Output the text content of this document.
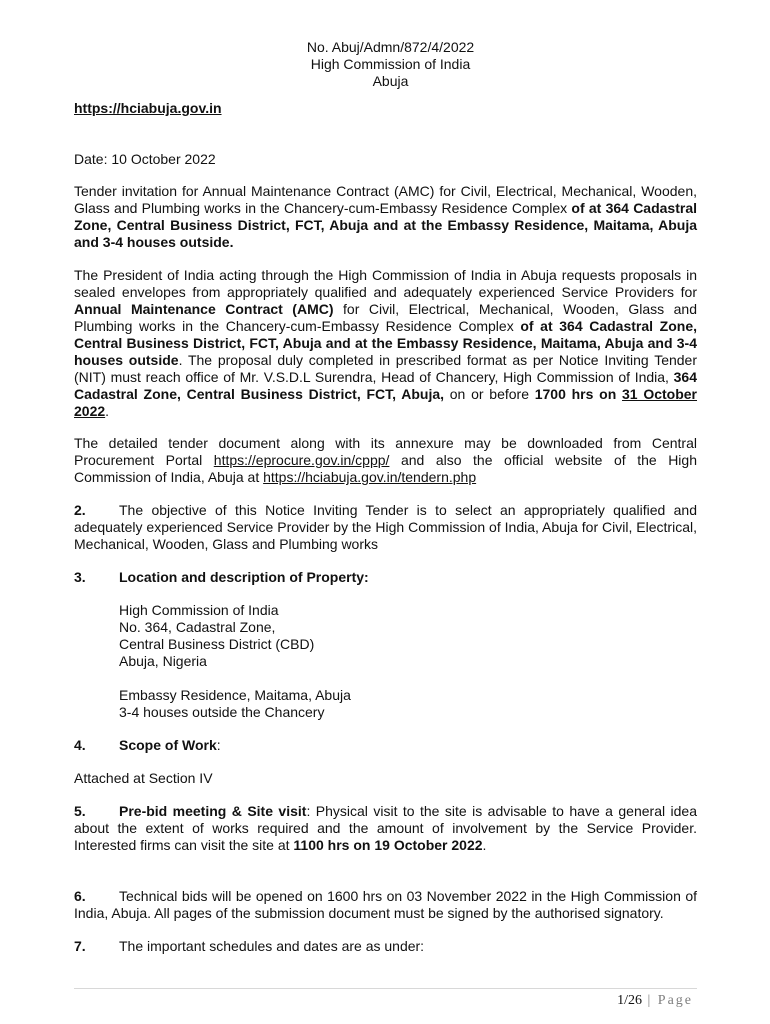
No. Abuj/Admn/872/4/2022
High Commission of India
Abuja
https://hciabuja.gov.in
Date: 10 October 2022

Tender invitation for Annual Maintenance Contract (AMC) for Civil, Electrical, Mechanical, Wooden, Glass and Plumbing works in the Chancery-cum-Embassy Residence Complex of at 364 Cadastral Zone, Central Business District, FCT, Abuja and at the Embassy Residence, Maitama, Abuja and 3-4 houses outside.

The President of India acting through the High Commission of India in Abuja requests proposals in sealed envelopes from appropriately qualified and adequately experienced Service Providers for Annual Maintenance Contract (AMC) for Civil, Electrical, Mechanical, Wooden, Glass and Plumbing works in the Chancery-cum-Embassy Residence Complex of at 364 Cadastral Zone, Central Business District, FCT, Abuja and at the Embassy Residence, Maitama, Abuja and 3-4 houses outside. The proposal duly completed in prescribed format as per Notice Inviting Tender (NIT) must reach office of Mr. V.S.D.L Surendra, Head of Chancery, High Commission of India, 364 Cadastral Zone, Central Business District, FCT, Abuja, on or before 1700 hrs on 31 October 2022.

The detailed tender document along with its annexure may be downloaded from Central Procurement Portal https://eprocure.gov.in/cppp/ and also the official website of the High Commission of India, Abuja at https://hciabuja.gov.in/tendern.php

2. The objective of this Notice Inviting Tender is to select an appropriately qualified and adequately experienced Service Provider by the High Commission of India, Abuja for Civil, Electrical, Mechanical, Wooden, Glass and Plumbing works

3. Location and description of Property:
High Commission of India
No. 364, Cadastral Zone,
Central Business District (CBD)
Abuja, Nigeria
Embassy Residence, Maitama, Abuja
3-4 houses outside the Chancery
4. Scope of Work:
Attached at Section IV

5. Pre-bid meeting & Site visit: Physical visit to the site is advisable to have a general idea about the extent of works required and the amount of involvement by the Service Provider. Interested firms can visit the site at 1100 hrs on 19 October 2022.

6. Technical bids will be opened on 1600 hrs on 03 November 2022 in the High Commission of India, Abuja. All pages of the submission document must be signed by the authorised signatory.

7. The important schedules and dates are as under:

1/26 | Page
